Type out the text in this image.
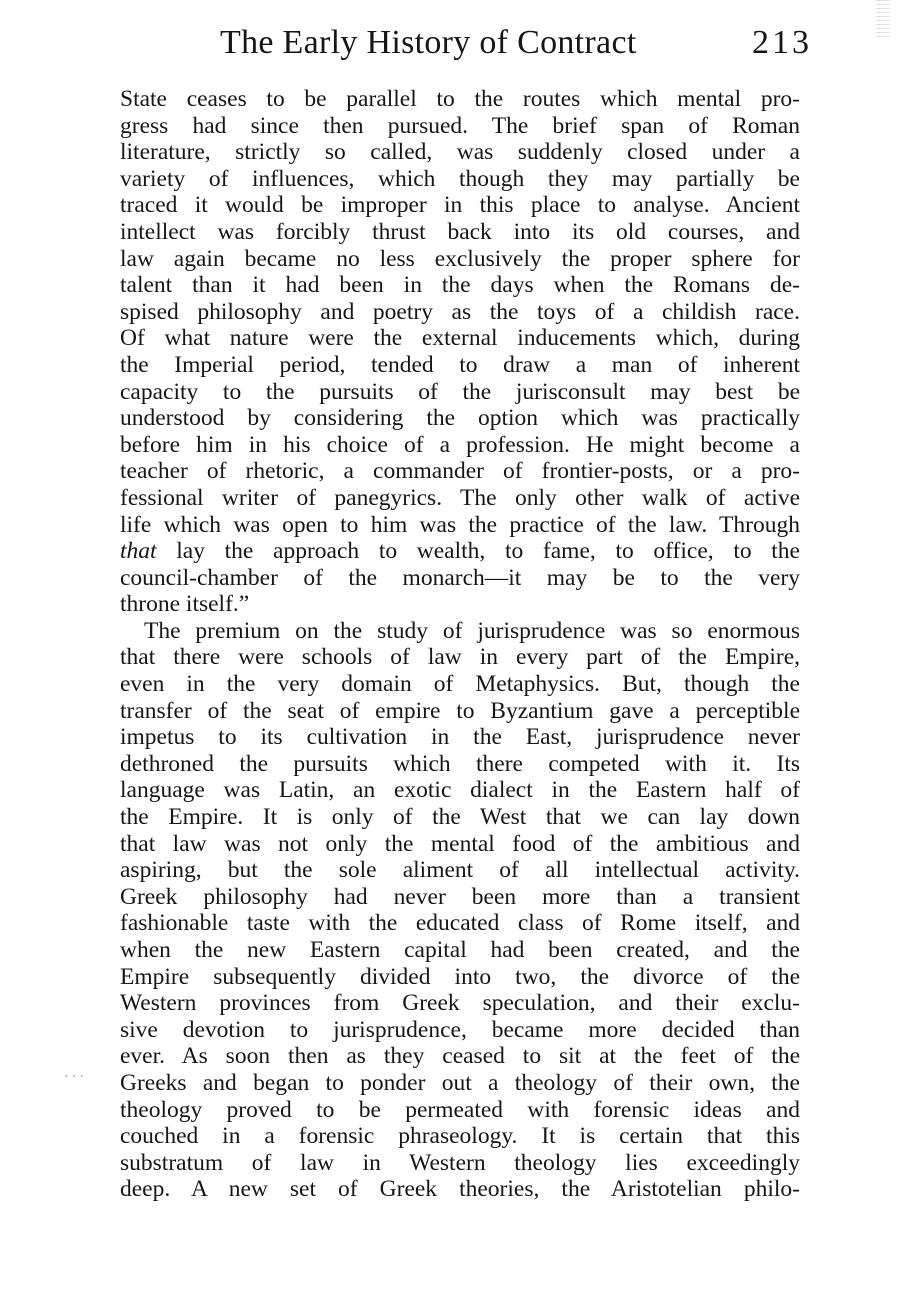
The Early History of Contract	213
State ceases to be parallel to the routes which mental pro-
gress had since then pursued. The brief span of Roman
literature, strictly so called, was suddenly closed under a
variety of influences, which though they may partially be
traced it would be improper in this place to analyse. Ancient
intellect was forcibly thrust back into its old courses, and
law again became no less exclusively the proper sphere for
talent than it had been in the days when the Romans de-
spised philosophy and poetry as the toys of a childish race.
Of what nature were the external inducements which, during
the Imperial period, tended to draw a man of inherent
capacity to the pursuits of the jurisconsult may best be
understood by considering the option which was practically
before him in his choice of a profession. He might become a
teacher of rhetoric, a commander of frontier-posts, or a pro-
fessional writer of panegyrics. The only other walk of active
life which was open to him was the practice of the law. Through
that lay the approach to wealth, to fame, to office, to the
council-chamber of the monarch—it may be to the very
throne itself.”
The premium on the study of jurisprudence was so enormous
that there were schools of law in every part of the Empire,
even in the very domain of Metaphysics. But, though the
transfer of the seat of empire to Byzantium gave a perceptible
impetus to its cultivation in the East, jurisprudence never
dethroned the pursuits which there competed with it. Its
language was Latin, an exotic dialect in the Eastern half of
the Empire. It is only of the West that we can lay down
that law was not only the mental food of the ambitious and
aspiring, but the sole aliment of all intellectual activity.
Greek philosophy had never been more than a transient
fashionable taste with the educated class of Rome itself, and
when the new Eastern capital had been created, and the
Empire subsequently divided into two, the divorce of the
Western provinces from Greek speculation, and their exclu-
sive devotion to jurisprudence, became more decided than
ever. As soon then as they ceased to sit at the feet of the
Greeks and began to ponder out a theology of their own, the
theology proved to be permeated with forensic ideas and
couched in a forensic phraseology. It is certain that this
substratum of law in Western theology lies exceedingly
deep. A new set of Greek theories, the Aristotelian philo-
···
